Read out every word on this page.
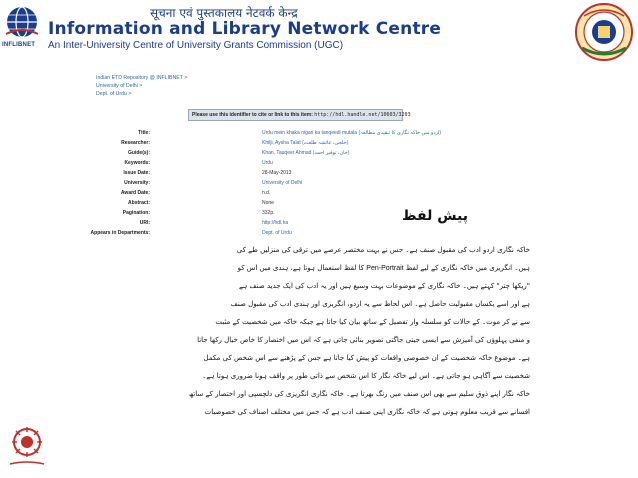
INFLIBNET
सूचना एवं पुस्तकालय नेटवर्क केन्द्र
Information and Library Network Centre
An Inter-University Centre of University Grants Commission (UGC)
Indian ETD Repository @ INFLIBNET >
University of Delhi >
Dept. of Urdu >
Please use this identifier to cite or link to this item: http://hdl.handle.net/10603/3203
Title:	Urdu mein khaka nigari ka tanqeedi mutala (اردو میں خاکہ نگاری کا تنقیدی مطالعہ)
Researcher:	Khilji, Aysha Talat (خلجی، عائشہ طلعت)
Guide(s):	Khan, Tauqeer Ahmad (خان، توقیر احمد)
Keywords:	Urdu
Issue Date:	28-May-2013
University:	University of Delhi
Award Date:	n.d.
Abstract:	None
Pagination:	332p.
URI:	http://hdl.ha
Appears in Departments:	Dept. of Urdu
پیش لفظ
خاکہ نگاری اردو ادب کی مقبول صنف ہے۔ جس نے بہت مختصر عرصے میں ترقی کی منزلیں طے کی
ہیں۔ انگریزی میں خاکہ نگاری کے لیے لفظ Pen-Portrait کا لفظ استعمال ہوتا ہے، ہندی میں اس کو
"ریکھا چتر" کہتے ہیں۔ خاکہ نگاری کے موضوعات بہت وسیع ہیں اور یہ ادب کی ایک جدید صنف ہے
ہے اور اسے یکساں مقبولیت حاصل ہے۔ اس لحاظ سے یہ اردو، انگریزی اور ہندی ادب کی مقبول صنف
سے نے کر موت۔ کے حالات کو سلسلہ وار تفصیل کے ساتھ بیان کیا جاتا ہے جبکہ خاکہ میں شخصیت کے مثبت
و منفی پہلوؤں کی آمیزش سے ایسی جیتی جاگتی تصویر بنائی جاتی ہے کہ اس میں اختصار کا خاص خیال رکھا جاتا
ہے۔ موضوع خاکہ شخصیت کے ان خصوصی واقعات کو پیش کیا جاتا ہے جس کے پڑھنے سے اس شخص کی مکمل
شخصیت سے آگاہی ہو جاتی ہے۔ اس لیے خاکہ نگار کا اس شخص سے ذاتی طور پر واقف ہونا ضروری ہوتا ہے۔
خاکہ نگار اپنے ذوق سلیم سے بھی اس صنف میں رنگ بھرتا ہے۔ خاکہ نگاری انگریزی کی دلچسپی اور اختصار کے ساتھ
افسانے سے قریب معلوم ہوتی ہے کہ خاکہ نگاری اپنی صنف ادب ہے کہ جس میں مختلف اصناف کی خصوصیات
